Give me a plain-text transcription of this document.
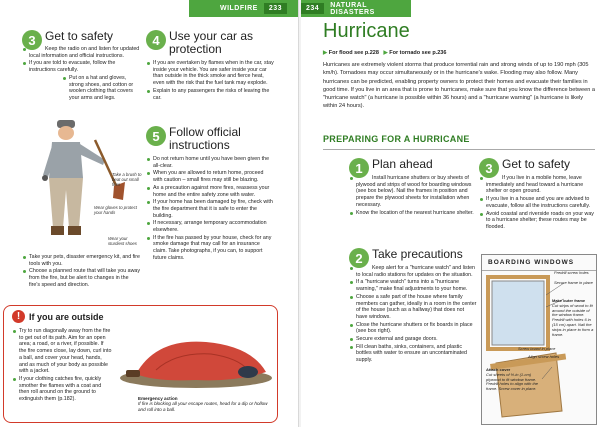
WILDFIRE	233
3 Get to safety
Keep the radio on and listen for updated local information and official instructions.
If you are told to evacuate, follow the instructions carefully.
Put on a hat and gloves, strong shoes, and cotton or woolen clothing that covers your arms and legs.
Take a brush to beat out small fires
Wear gloves to protect your hands
Wear your sturdiest shoes
Take your pets, disaster emergency kit, and fire tools with you.
Choose a planned route that will take you away from the fire, but be alert to changes in the fire's speed and direction.
4 Use your car as protection
If you are overtaken by flames when in the car, stay inside your vehicle. You are safer inside your car than outside in the thick smoke and fierce heat, even with the risk that the fuel tank may explode.
Explain to any passengers the risks of leaving the car.
5 Follow official instructions
Do not return home until you have been given the all-clear.
When you are allowed to return home, proceed with caution – small fires may still be blazing.
As a precaution against more fires, reassess your home and the entire safety zone with water.
If your home has been damaged by fire, check with the fire department that it is safe to enter the building.
If necessary, arrange temporary accommodation elsewhere.
If the fire has passed by your house, check for any smoke damage that may call for an insurance claim. Take photographs, if you can, to support future claims.
! If you are outside
Try to run diagonally away from the fire to get out of its path. Aim for an open area; a road, or a river, if possible. If the fire comes close, lay down, curl into a ball, and cover your head, hands, and as much of your body as possible with a jacket.
If your clothing catches fire, quickly smother the flames with a coat and then roll around on the ground to extinguish them (p.182).	Emergency action
If fire is blocking all your escape routes, head for a dip or hollow and roll into a ball.
234	NATURAL DISASTERS
Hurricane
▶ For flood see p.228 ▶ For tornado see p.236
Hurricanes are extremely violent storms that produce torrential rain and strong winds of up to 190 mph (305 km/h). Tornadoes may occur simultaneously or in the hurricane's wake. Flooding may also follow. Many hurricanes can be predicted, enabling property owners to protect their homes and evacuate their families in good time. If you live in an area that is prone to hurricanes, make sure that you know the difference between a "hurricane watch" (a hurricane is possible within 36 hours) and a "hurricane warning" (a hurricane is likely within 24 hours).
PREPARING FOR A HURRICANE
1 Plan ahead
Install hurricane shutters or buy sheets of plywood and strips of wood for boarding windows (see box below). Nail the frames in position and prepare the plywood sheets for installation when necessary.
Know the location of the nearest hurricane shelter.
2 Take precautions
Keep alert for a "hurricane watch" and listen to local radio stations for updates on the situation.
If a "hurricane watch" turns into a "hurricane warning," make final adjustments to your home.
Choose a safe part of the house where family members can gather, ideally in a room in the center of the house (such as a hallway) that does not have windows.
Close the hurricane shutters or fix boards in place (see box right).
Secure external and garage doors.
Fill clean baths, sinks, containers, and plastic bottles with water to ensure an uncontaminated supply.
3 Get to safety
If you live in a mobile home, leave immediately and head toward a hurricane shelter or open ground.
If you live in a house and you are advised to evacuate, follow all the instructions carefully.
Avoid coastal and riverside roads on your way to a hurricane shelter; these routes may be flooded.
BOARDING WINDOWS
Predrill screw holes
Secure frame in place
Make outer frame
Cut strips of wood to fit around the outside of the window frame. Predrill with holes 6 in (15 cm) apart. Nail the strips in place to form a frame.
Screw board in place
Align screw holes
Attach cover
Cut sheets of ½-in (1-cm) plywood to fit window frame. Predrill holes to align with the frame. Screw cover in place.
